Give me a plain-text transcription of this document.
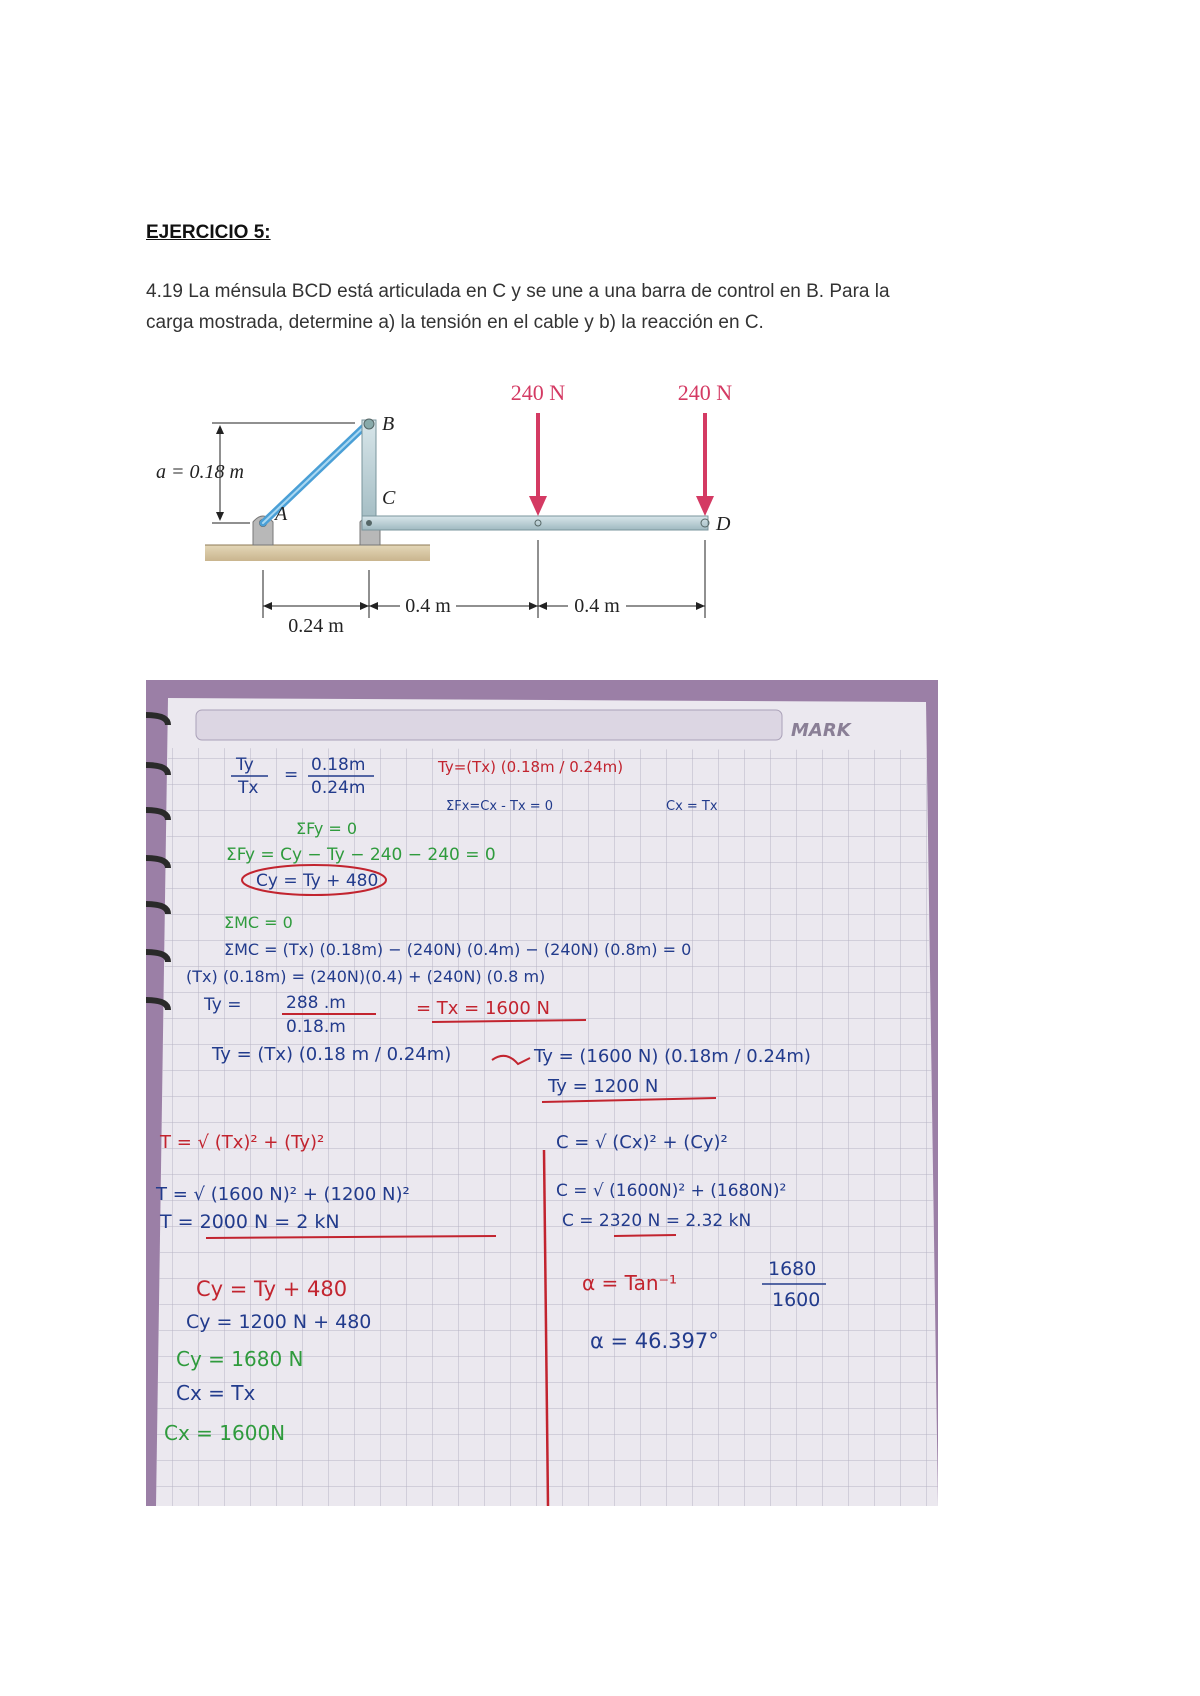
EJERCICIO 5:
4.19 La ménsula BCD está articulada en C y se une a una barra de control en B. Para la
carga mostrada, determine a) la tensión en el cable y b) la reacción en C.
240 N	240 N
a = 0.18 m
A
B
C
D
0.24 m
0.4 m	0.4 m
MARK
Ty
Tx
= 0.18m
0.24m
Ty=(Tx) (0.18m / 0.24m)
ΣFx=Cx - Tx = 0	Cx = Tx
ΣFy = 0
ΣFy = Cy − Ty − 240 − 240 = 0
Cy = Ty + 480
ΣMC = 0
ΣMC = (Tx) (0.18m) − (240N) (0.4m) − (240N) (0.8m) = 0
(Tx) (0.18m) = (240N)(0.4) + (240N) (0.8 m)
Ty =	288 .m
0.18.m
= Tx = 1600 N
Ty = (Tx) (0.18 m / 0.24m)	Ty = (1600 N) (0.18m / 0.24m)
Ty = 1200 N
T = √ (Tx)² + (Ty)²
T = √ (1600 N)² + (1200 N)²
T = 2000 N = 2 kN
C = √ (Cx)² + (Cy)²
C = √ (1600N)² + (1680N)²
C = 2320 N = 2.32 kN
α = Tan⁻¹
1680
1600
α = 46.397°
Cy = Ty + 480
Cy = 1200 N + 480
Cy = 1680 N
Cx = Tx
Cx = 1600N
